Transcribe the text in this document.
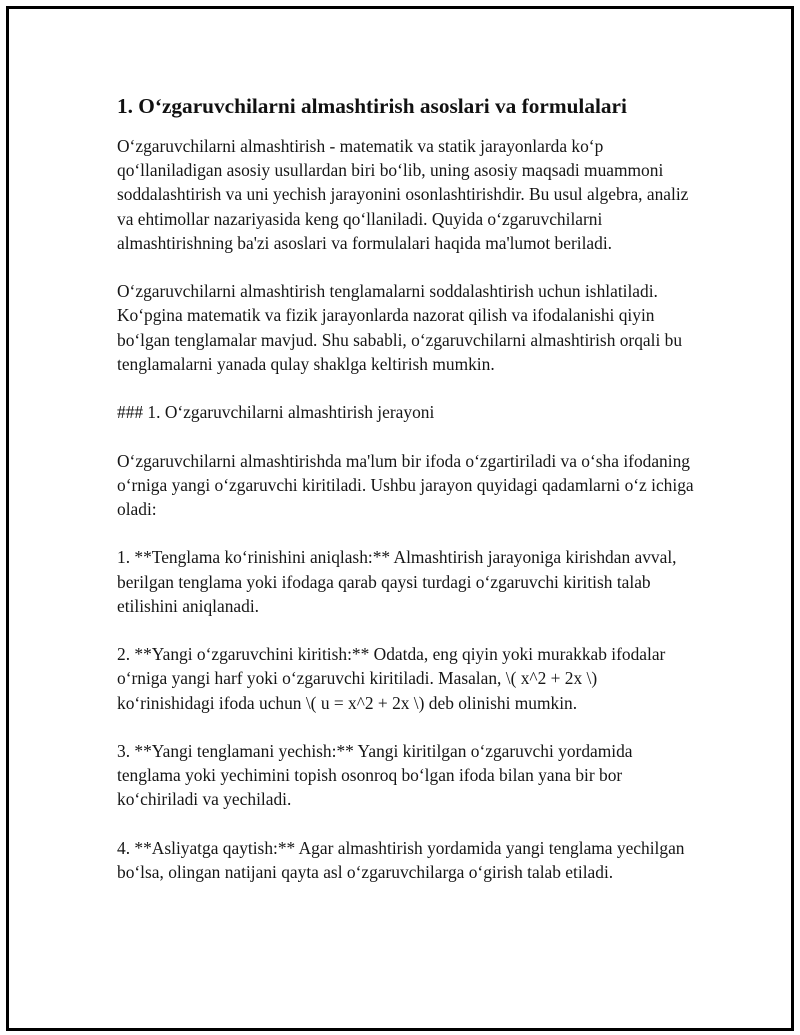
1. O‘zgaruvchilarni almashtirish asoslari va formulalari

O‘zgaruvchilarni almashtirish - matematik va statik jarayonlarda ko‘p qo‘llaniladigan asosiy usullardan biri bo‘lib, uning asosiy maqsadi muammoni soddalashtirish va uni yechish jarayonini osonlashtirishdir. Bu usul algebra, analiz va ehtimollar nazariyasida keng qo‘llaniladi. Quyida o‘zgaruvchilarni almashtirishning ba'zi asoslari va formulalari haqida ma'lumot beriladi.

O‘zgaruvchilarni almashtirish tenglamalarni soddalashtirish uchun ishlatiladi. Ko‘pgina matematik va fizik jarayonlarda nazorat qilish va ifodalanishi qiyin bo‘lgan tenglamalar mavjud. Shu sababli, o‘zgaruvchilarni almashtirish orqali bu tenglamalarni yanada qulay shaklga keltirish mumkin.

### 1. O‘zgaruvchilarni almashtirish jerayoni

O‘zgaruvchilarni almashtirishda ma'lum bir ifoda o‘zgartiriladi va o‘sha ifodaning o‘rniga yangi o‘zgaruvchi kiritiladi. Ushbu jarayon quyidagi qadamlarni o‘z ichiga oladi:

1. **Tenglama ko‘rinishini aniqlash:** Almashtirish jarayoniga kirishdan avval, berilgan tenglama yoki ifodaga qarab qaysi turdagi o‘zgaruvchi kiritish talab etilishini aniqlanadi.

2. **Yangi o‘zgaruvchini kiritish:** Odatda, eng qiyin yoki murakkab ifodalar o‘rniga yangi harf yoki o‘zgaruvchi kiritiladi. Masalan, \( x^2 + 2x \) ko‘rinishidagi ifoda uchun \( u = x^2 + 2x \) deb olinishi mumkin.

3. **Yangi tenglamani yechish:** Yangi kiritilgan o‘zgaruvchi yordamida tenglama yoki yechimini topish osonroq bo‘lgan ifoda bilan yana bir bor ko‘chiriladi va yechiladi.

4. **Asliyatga qaytish:** Agar almashtirish yordamida yangi tenglama yechilgan bo‘lsa, olingan natijani qayta asl o‘zgaruvchilarga o‘girish talab etiladi.
